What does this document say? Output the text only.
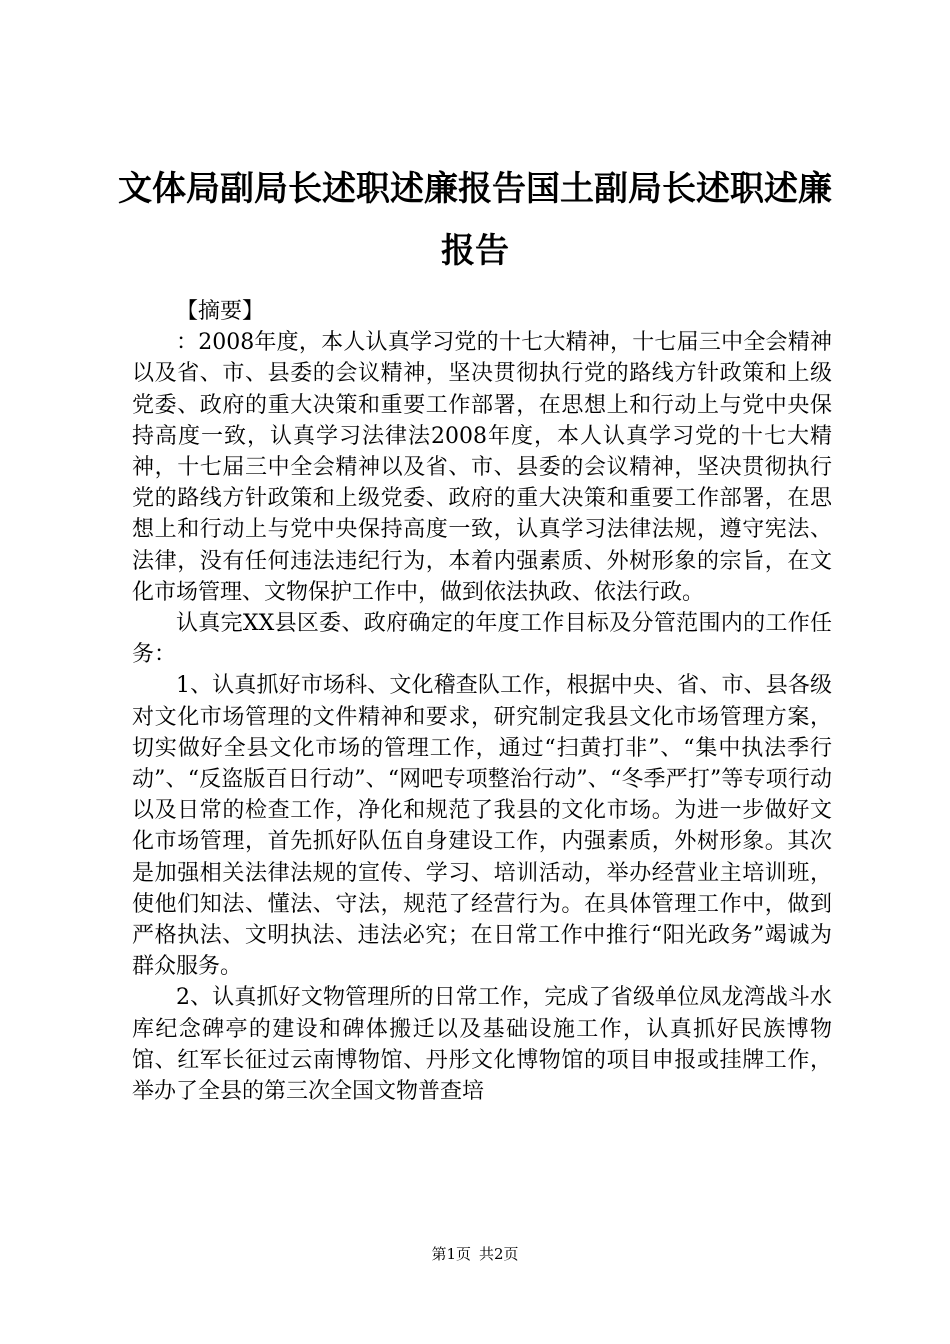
文体局副局长述职述廉报告国土副局长述职述廉报告

【摘要】

：2008年度，本人认真学习党的十七大精神，十七届三中全会精神以及省、市、县委的会议精神，坚决贯彻执行党的路线方针政策和上级党委、政府的重大决策和重要工作部署，在思想上和行动上与党中央保持高度一致，认真学习法律法2008年度，本人认真学习党的十七大精神，十七届三中全会精神以及省、市、县委的会议精神，坚决贯彻执行党的路线方针政策和上级党委、政府的重大决策和重要工作部署，在思想上和行动上与党中央保持高度一致，认真学习法律法规，遵守宪法、法律，没有任何违法违纪行为，本着内强素质、外树形象的宗旨，在文化市场管理、文物保护工作中，做到依法执政、依法行政。

认真完XX县区委、政府确定的年度工作目标及分管范围内的工作任务：

1、认真抓好市场科、文化稽查队工作，根据中央、省、市、县各级对文化市场管理的文件精神和要求，研究制定我县文化市场管理方案，切实做好全县文化市场的管理工作，通过“扫黄打非”、“集中执法季行动”、“反盗版百日行动”、“网吧专项整治行动”、“冬季严打”等专项行动以及日常的检查工作，净化和规范了我县的文化市场。为进一步做好文化市场管理，首先抓好队伍自身建设工作，内强素质，外树形象。其次是加强相关法律法规的宣传、学习、培训活动，举办经营业主培训班，使他们知法、懂法、守法，规范了经营行为。在具体管理工作中，做到严格执法、文明执法、违法必究；在日常工作中推行“阳光政务”竭诚为群众服务。

2、认真抓好文物管理所的日常工作，完成了省级单位凤龙湾战斗水库纪念碑亭的建设和碑体搬迁以及基础设施工作，认真抓好民族博物馆、红军长征过云南博物馆、丹彤文化博物馆的项目申报或挂牌工作，举办了全县的第三次全国文物普查培

第1页 共2页
